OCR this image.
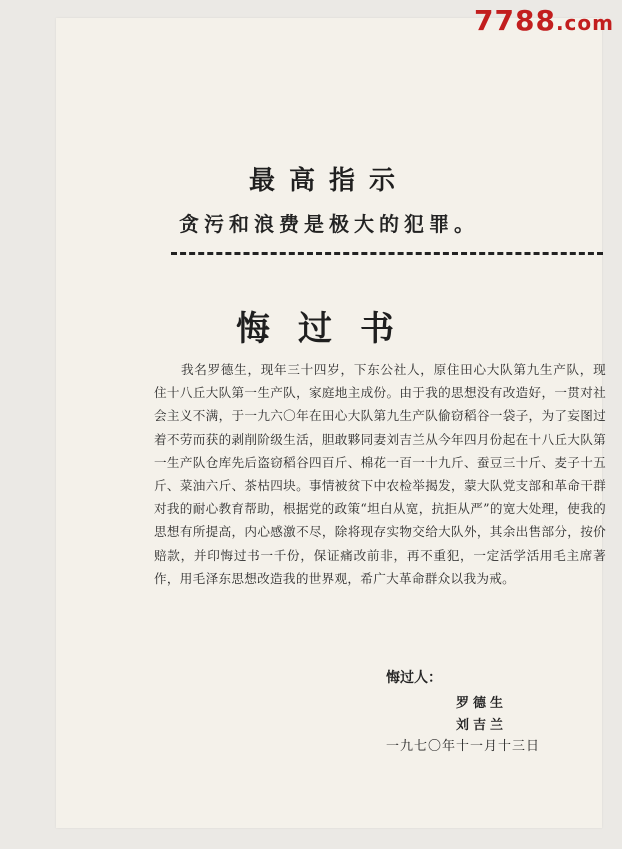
最高指示
贪污和浪费是极大的犯罪。
悔过书

我名罗德生，现年三十四岁，下东公社人，原住田心大队第九生产队，现住十八丘大队第一生产队，家庭地主成份。由于我的思想没有改造好，一贯对社会主义不满，于一九六〇年在田心大队第九生产队偷窃稻谷一袋子，为了妄图过着不劳而获的剥削阶级生活，胆敢夥同妻刘吉兰从今年四月份起在十八丘大队第一生产队仓库先后盗窃稻谷四百斤、棉花一百一十九斤、蚕豆三十斤、麦子十五斤、菜油六斤、茶枯四块。事情被贫下中农检举揭发，蒙大队党支部和革命干群对我的耐心教育帮助，根据党的政策“坦白从宽，抗拒从严”的宽大处理，使我的思想有所提高，内心感激不尽，除将现存实物交给大队外，其余出售部分，按价赔款，并印悔过书一千份，保证痛改前非，再不重犯，一定活学活用毛主席著作，用毛泽东思想改造我的世界观，希广大革命群众以我为戒。

悔过人：
罗德生
刘吉兰
一九七〇年十一月十三日
7788.com
